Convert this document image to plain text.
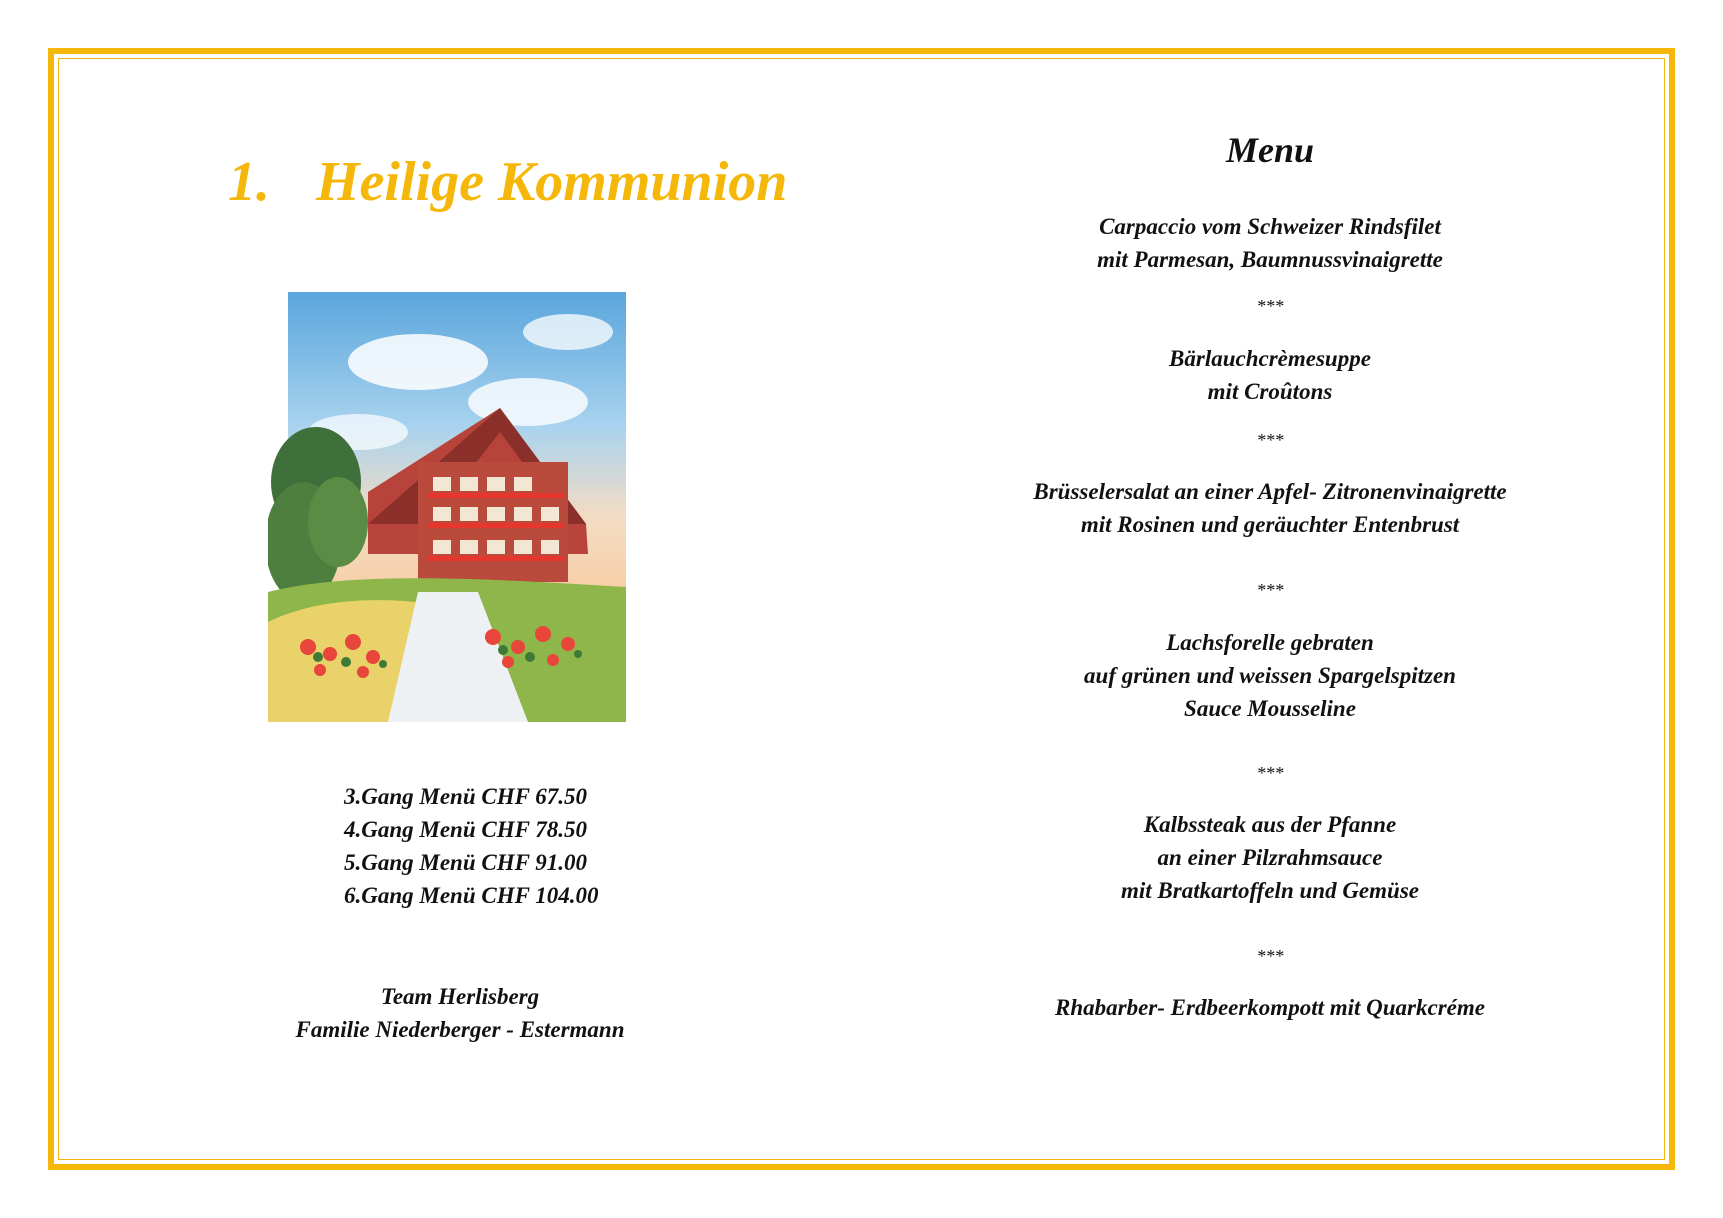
1. Heilige Kommunion
3.Gang Menü CHF 67.50
4.Gang Menü CHF 78.50
5.Gang Menü CHF 91.00
6.Gang Menü CHF 104.00
Team Herlisberg
Familie Niederberger - Estermann
Menu
Carpaccio vom Schweizer Rindsfilet
mit Parmesan, Baumnussvinaigrette
***
Bärlauchcrèmesuppe
mit Croûtons
***
Brüsselersalat an einer Apfel- Zitronenvinaigrette
mit Rosinen und geräuchter Entenbrust
***
Lachsforelle gebraten
auf grünen und weissen Spargelspitzen
Sauce Mousseline
***
Kalbssteak aus der Pfanne
an einer Pilzrahmsauce
mit Bratkartoffeln und Gemüse
***
Rhabarber- Erdbeerkompott mit Quarkcréme
